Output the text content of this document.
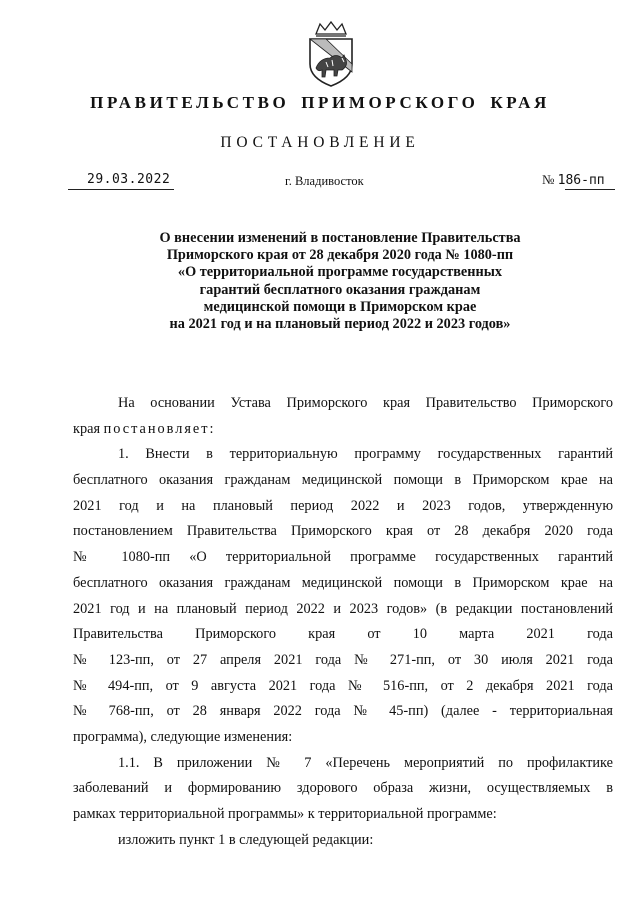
ПРАВИТЕЛЬСТВО ПРИМОРСКОГО КРАЯ
ПОСТАНОВЛЕНИЕ
29.03.2022	г. Владивосток	№ 186-пп
О внесении изменений в постановление Правительства
Приморского края от 28 декабря 2020 года № 1080-пп
«О территориальной программе государственных
гарантий бесплатного оказания гражданам
медицинской помощи в Приморском крае
на 2021 год и на плановый период 2022 и 2023 годов»
На основании Устава Приморского края Правительство Приморского
края постановляет:
1. Внести в территориальную программу государственных гарантий
бесплатного оказания гражданам медицинской помощи в Приморском крае на
2021 год и на плановый период 2022 и 2023 годов, утвержденную
постановлением Правительства Приморского края от 28 декабря 2020 года
№ 1080-пп «О территориальной программе государственных гарантий
бесплатного оказания гражданам медицинской помощи в Приморском крае на
2021 год и на плановый период 2022 и 2023 годов» (в редакции постановлений
Правительства Приморского края от 10 марта 2021 года
№ 123-пп, от 27 апреля 2021 года № 271-пп, от 30 июля 2021 года
№ 494-пп, от 9 августа 2021 года № 516-пп, от 2 декабря 2021 года
№ 768-пп, от 28 января 2022 года № 45-пп) (далее - территориальная
программа), следующие изменения:
1.1. В приложении № 7 «Перечень мероприятий по профилактике
заболеваний и формированию здорового образа жизни, осуществляемых в
рамках территориальной программы» к территориальной программе:
изложить пункт 1 в следующей редакции:
